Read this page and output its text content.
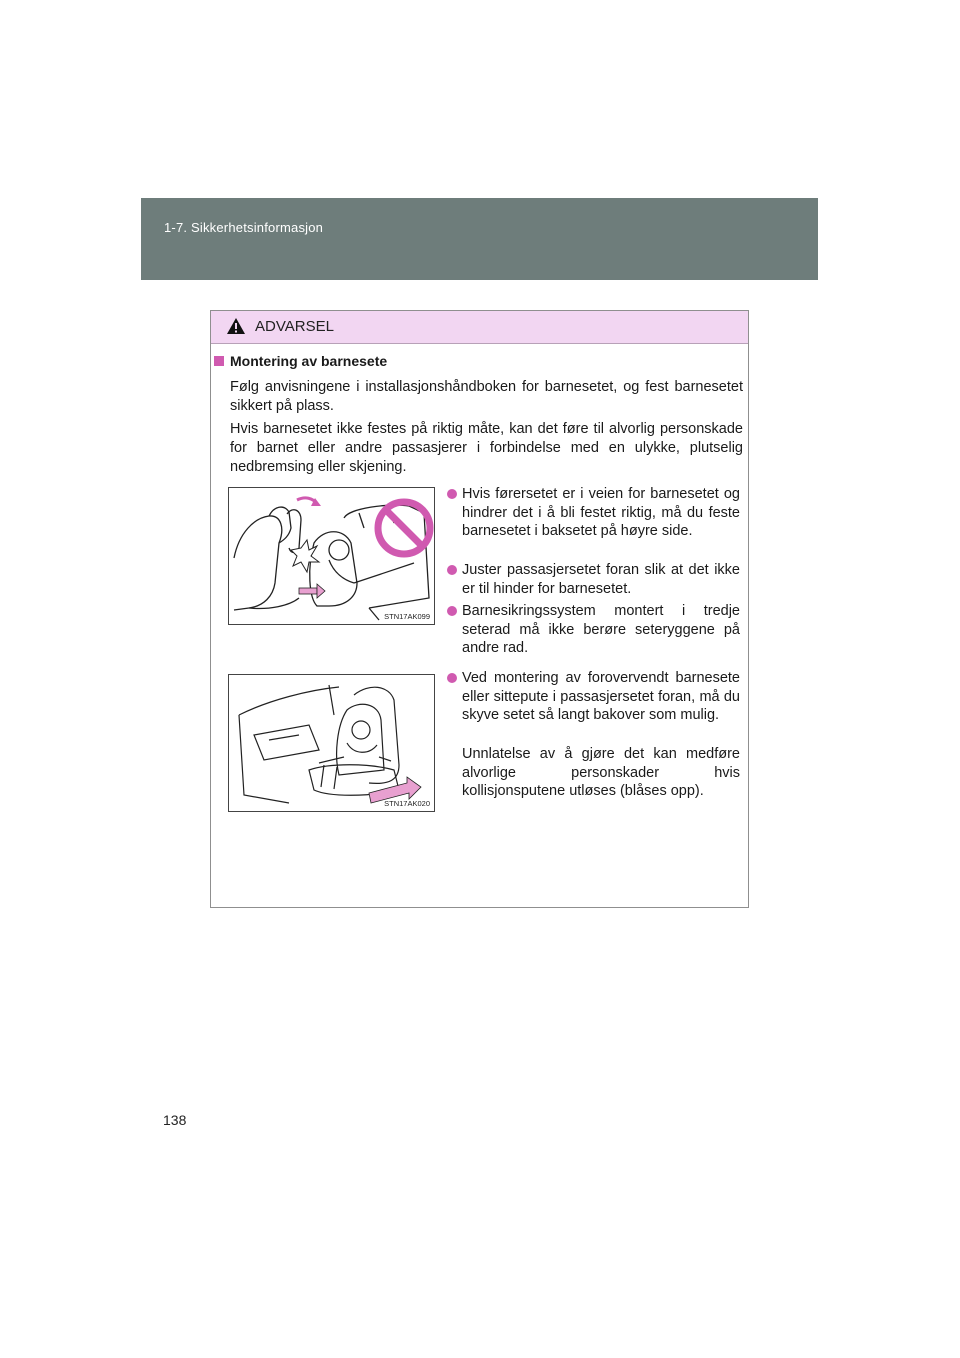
1-7. Sikkerhetsinformasjon
ADVARSEL
Montering av barnesete
Følg anvisningene i installasjonshåndboken for barnesetet, og fest barnesetet sikkert på plass.
Hvis barnesetet ikke festes på riktig måte, kan det føre til alvorlig personskade for barnet eller andre passasjerer i forbindelse med en ulykke, plutselig nedbremsing eller skjening.
STN17AK099
STN17AK020
Hvis førersetet er i veien for barnesetet og hindrer det i å bli festet riktig, må du feste barnesetet i baksetet på høyre side.
Juster passasjersetet foran slik at det ikke er til hinder for barnesetet.
Barnesikringssystem montert i tredje seterad må ikke berøre seteryggene på andre rad.
Ved montering av forovervendt barnesete eller sittepute i passasjersetet foran, må du skyve setet så langt bakover som mulig.
Unnlatelse av å gjøre det kan medføre alvorlige personskader hvis kollisjonsputene utløses (blåses opp).
138
